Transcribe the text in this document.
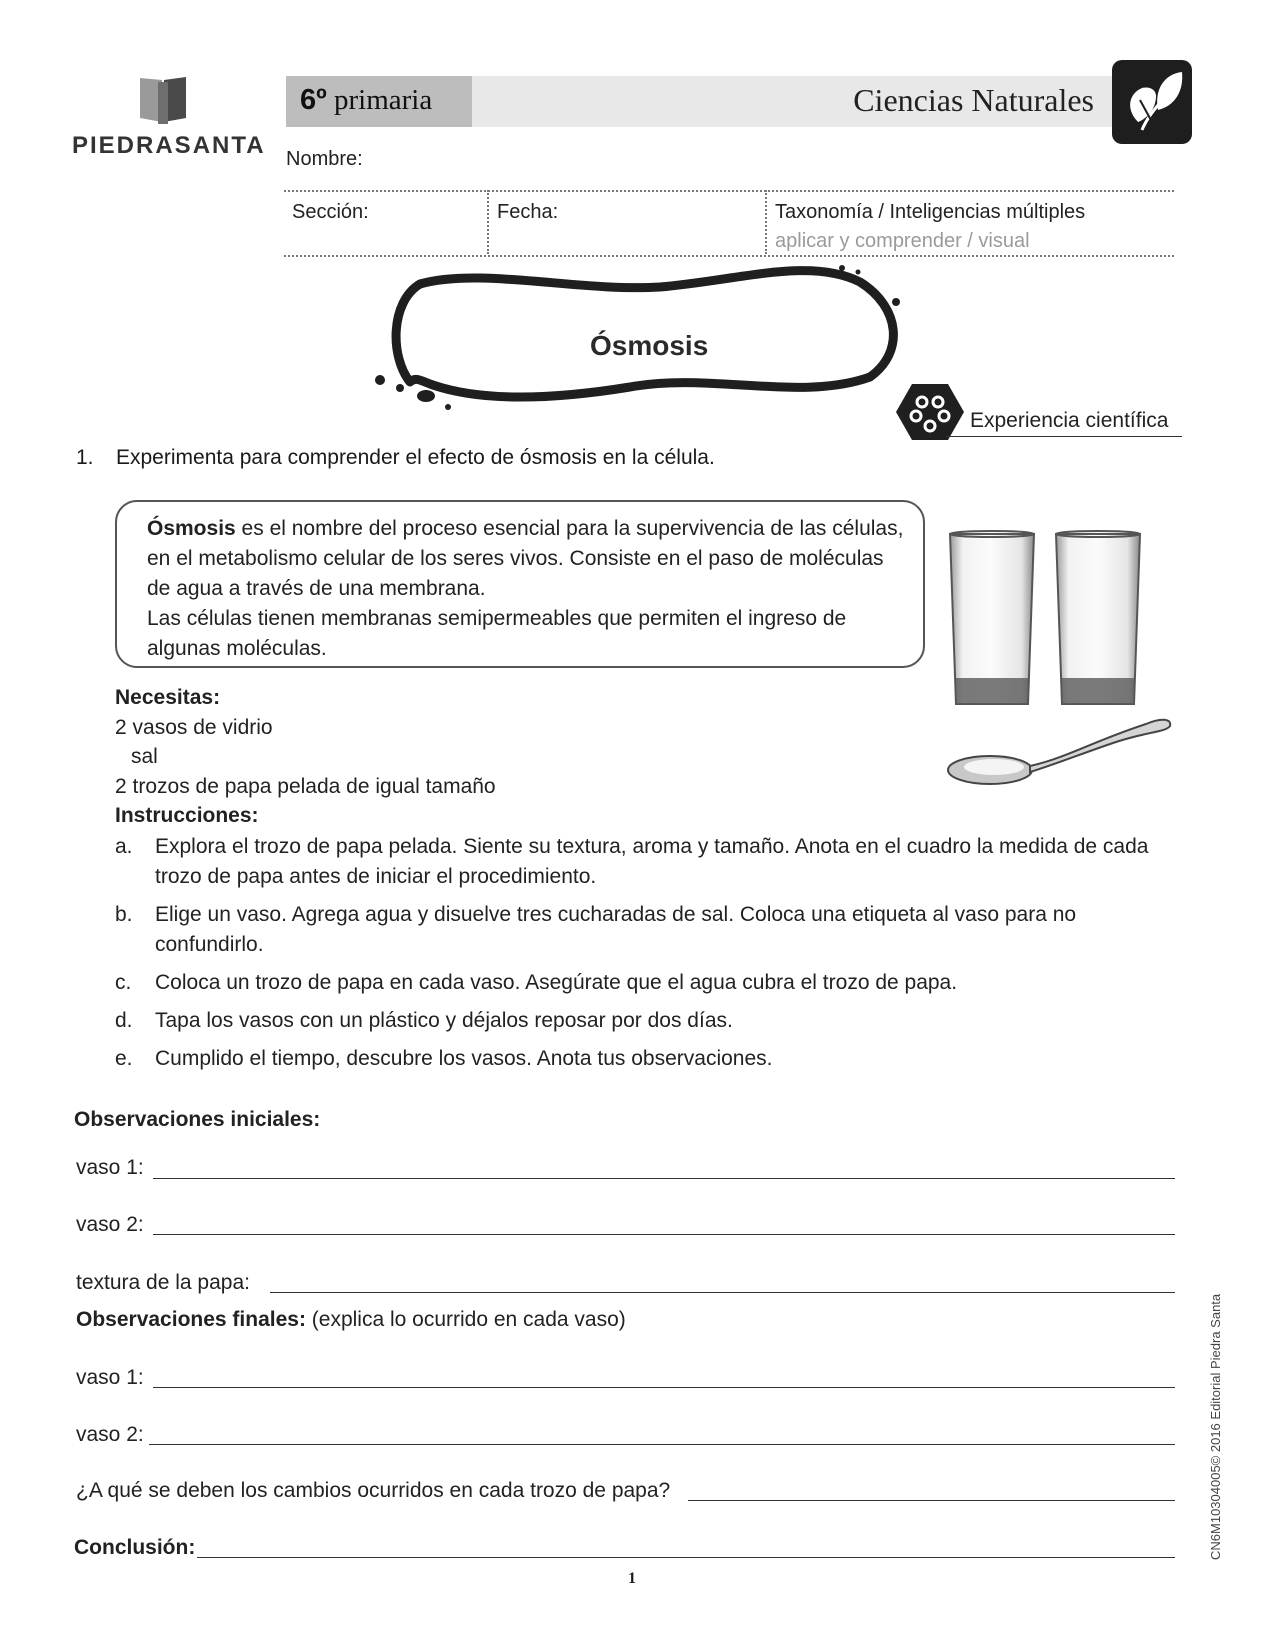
PIEDRASANTA
6º primaria	Ciencias Naturales
Nombre:
Sección:	Fecha:	Taxonomía / Inteligencias múltiples
aplicar y comprender / visual
Ósmosis
Experiencia científica
1. Experimenta para comprender el efecto de ósmosis en la célula.
Ósmosis es el nombre del proceso esencial para la supervivencia de las células, en el metabolismo celular de los seres vivos. Consiste en el paso de moléculas de agua a través de una membrana.
Las células tienen membranas semipermeables que permiten el ingreso de algunas moléculas.
Necesitas:
2 vasos de vidrio
sal
2 trozos de papa pelada de igual tamaño
Instrucciones:
a. Explora el trozo de papa pelada. Siente su textura, aroma y tamaño. Anota en el cuadro la medida de cada trozo de papa antes de iniciar el procedimiento.
b. Elige un vaso. Agrega agua y disuelve tres cucharadas de sal. Coloca una etiqueta al vaso para no confundirlo.
c. Coloca un trozo de papa en cada vaso. Asegúrate que el agua cubra el trozo de papa.
d. Tapa los vasos con un plástico y déjalos reposar por dos días.
e. Cumplido el tiempo, descubre los vasos. Anota tus observaciones.
Observaciones iniciales:
vaso 1:
vaso 2:
textura de la papa:
Observaciones finales: (explica lo ocurrido en cada vaso)
vaso 1:
vaso 2:
¿A qué se deben los cambios ocurridos en cada trozo de papa?
Conclusión:
1
CN6M10304005© 2016 Editorial Piedra Santa
